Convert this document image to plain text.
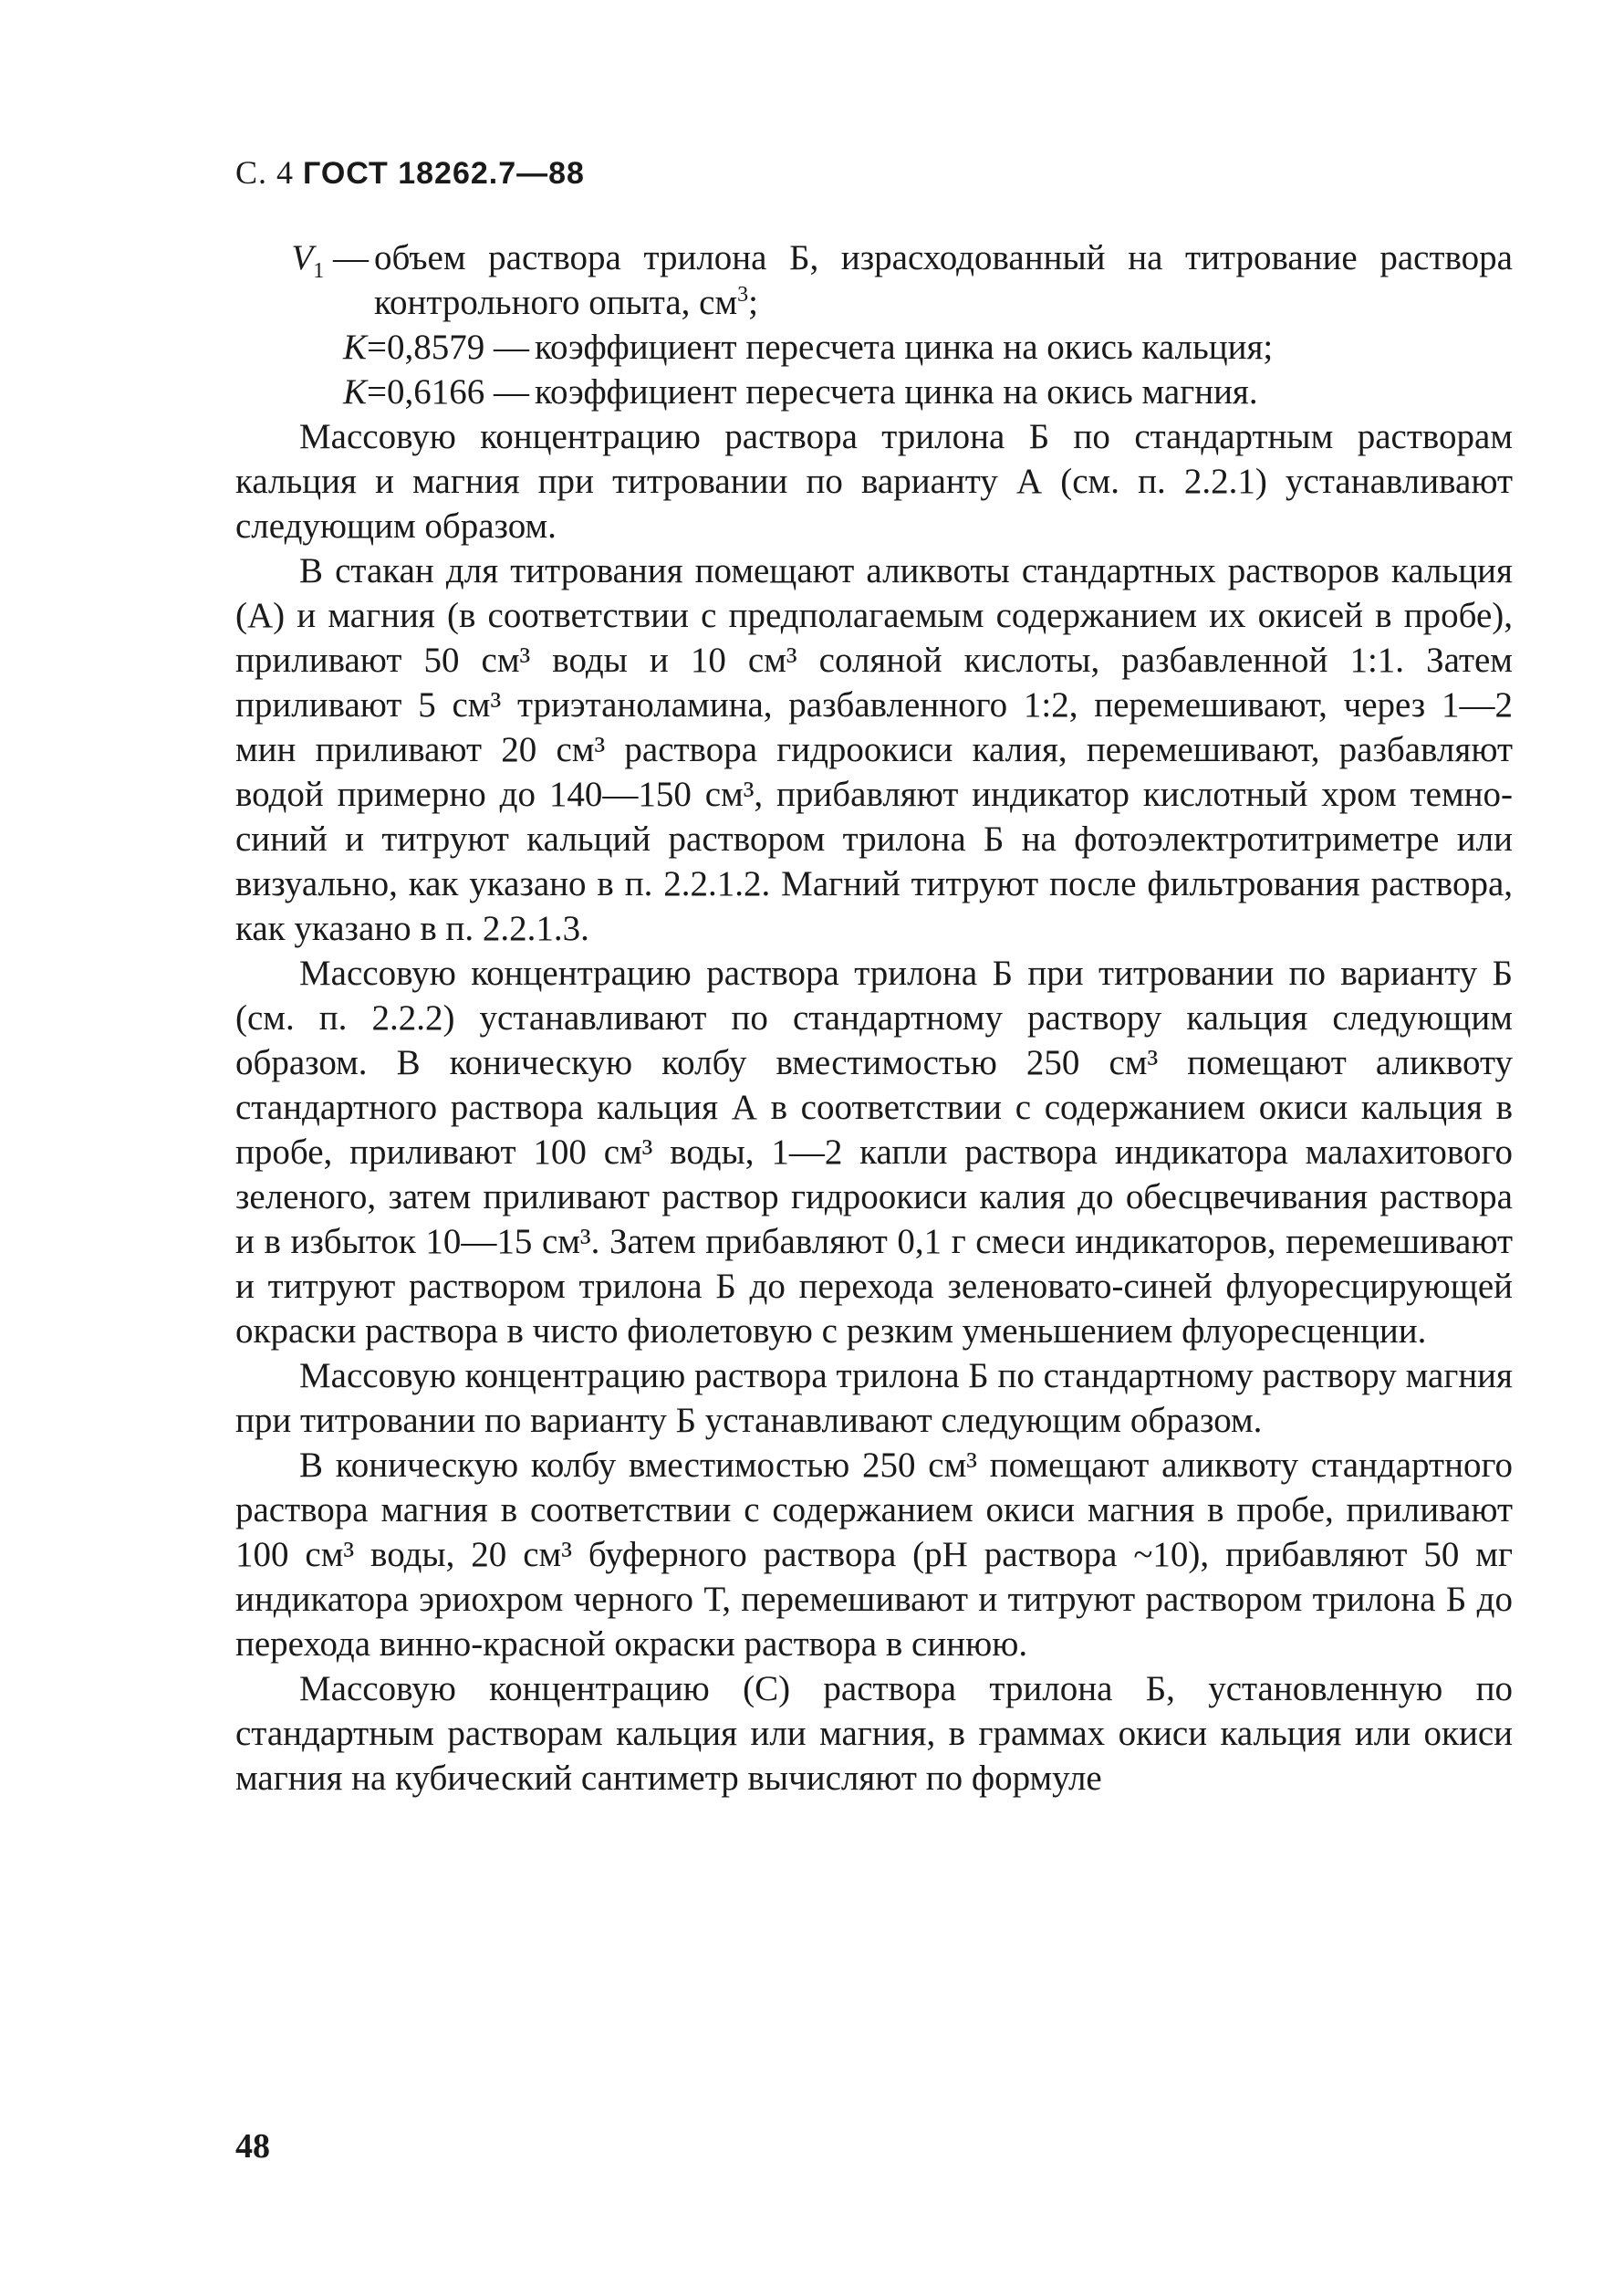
С. 4 ГОСТ 18262.7—88
$V_1$ — объем раствора трилона Б, израсходованный на титрование раствора контрольного опыта, $см^3$;
K=0,8579 — коэффициент пересчета цинка на окись кальция;
K=0,6166 — коэффициент пересчета цинка на окись магния.

Массовую концентрацию раствора трилона Б по стандартным растворам кальция и магния при титровании по варианту А (см. п. 2.2.1) устанавливают следующим образом.

В стакан для титрования помещают аликвоты стандартных растворов кальция (А) и магния (в соответствии с предполагаемым содержанием их окисей в пробе), приливают 50 см³ воды и 10 см³ соляной кислоты, разбавленной 1:1. Затем приливают 5 см³ триэтаноламина, разбавленного 1:2, перемешивают, через 1—2 мин приливают 20 см³ раствора гидроокиси калия, перемешивают, разбавляют водой примерно до 140—150 см³, прибавляют индикатор кислотный хром темно-синий и титруют кальций раствором трилона Б на фотоэлектротитриметре или визуально, как указано в п. 2.2.1.2. Магний титруют после фильтрования раствора, как указано в п. 2.2.1.3.

Массовую концентрацию раствора трилона Б при титровании по варианту Б (см. п. 2.2.2) устанавливают по стандартному раствору кальция следующим образом. В коническую колбу вместимостью 250 см³ помещают аликвоту стандартного раствора кальция А в соответствии с содержанием окиси кальция в пробе, приливают 100 см³ воды, 1—2 капли раствора индикатора малахитового зеленого, затем приливают раствор гидроокиси калия до обесцвечивания раствора и в избыток 10—15 см³. Затем прибавляют 0,1 г смеси индикаторов, перемешивают и титруют раствором трилона Б до перехода зеленовато-синей флуоресцирующей окраски раствора в чисто фиолетовую с резким уменьшением флуоресценции.

Массовую концентрацию раствора трилона Б по стандартному раствору магния при титровании по варианту Б устанавливают следующим образом.

В коническую колбу вместимостью 250 см³ помещают аликвоту стандартного раствора магния в соответствии с содержанием окиси магния в пробе, приливают 100 см³ воды, 20 см³ буферного раствора (pH раствора ~10), прибавляют 50 мг индикатора эриохром черного Т, перемешивают и титруют раствором трилона Б до перехода винно-красной окраски раствора в синюю.

Массовую концентрацию (C) раствора трилона Б, установленную по стандартным растворам кальция или магния, в граммах окиси кальция или окиси магния на кубический сантиметр вычисляют по формуле

48
